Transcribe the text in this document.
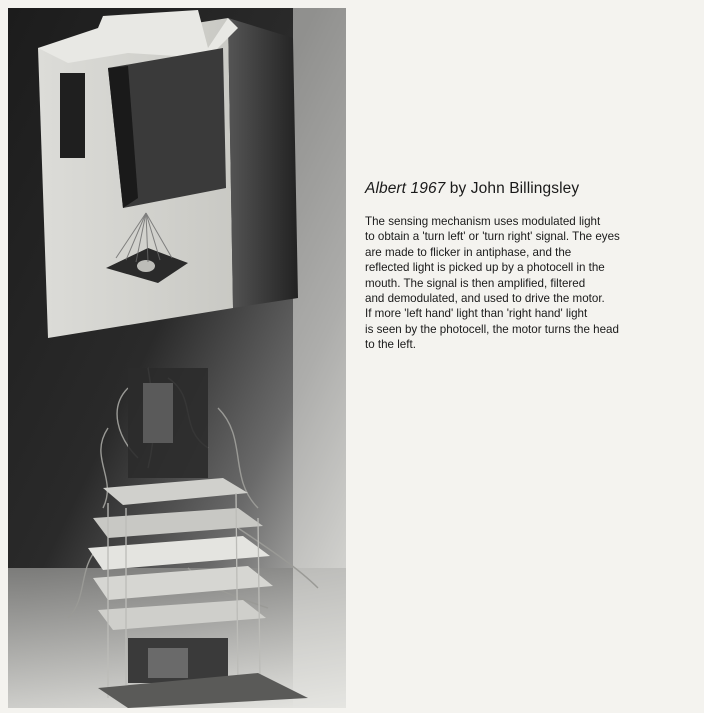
Albert 1967 by John Billingsley

The sensing mechanism uses modulated light
to obtain a 'turn left' or 'turn right' signal. The eyes
are made to flicker in antiphase, and the
reflected light is picked up by a photocell in the
mouth. The signal is then amplified, filtered
and demodulated, and used to drive the motor.
If more 'left hand' light than 'right hand' light
is seen by the photocell, the motor turns the head
to the left.
